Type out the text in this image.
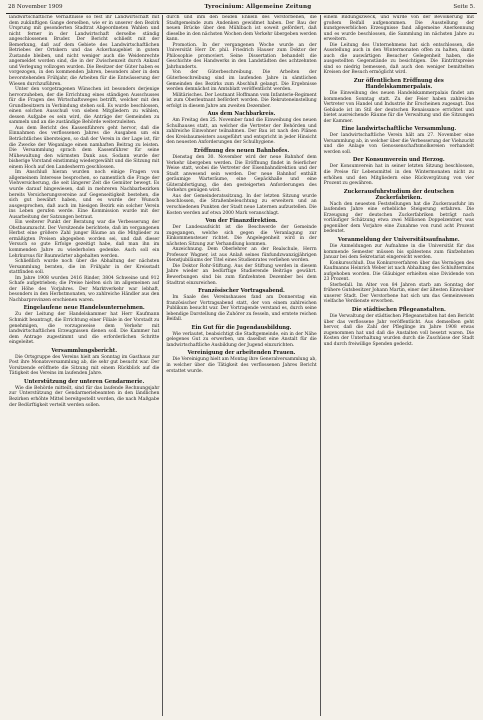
28 November 1909	Tyrocinium: Allgemeine Zeitung	Seite 5.

landwirtschaftliche Verhältnisse so fest ihr Landwirtschaft mit dem zukünftigen Gange derselben, wie er in unserer den Bezirk Ursprung mit gesonderten Stadtrat Abgeordneten Wahlen und nicht ferner in der Landwirtschaft derselbe ständig angeschlossenen Bruder. Der Bericht schließt mit der Bemerkung, daß auf dem Gebiete des Landwirtschaftlichen Betriebes der Ortskern und das Ackerbaugebiet in gutem Zustande bleiben, und nicht weniger auch die Weidenrechte angemeldet worden sind, die in der Zwischenzeit durch Ankauf und Verlegung vollzogen wurden. Die Besitzer der Güter haben es vorgezogen, in den kommenden Jahren, besonders aber in dem bevorstehenden Frühjahr, die Arbeiten für die Entwässerung der Wiesen durchzuführen.

Unter den vorgetragenen Wünschen ist besonders derjenige hervorzuheben, der die Errichtung eines ständigen Ausschusses für die Fragen des Wirtschaftsweges betrifft, welcher mit den Grundbesitzern in Verbindung stehen soll. Es wurde beschlossen, einen solchen Ausschuß von sieben Mitgliedern zu wählen, dessen Aufgabe es sein wird, die Anträge der Gemeinden zu sammeln und an die zuständige Behörde weiterzuleiten.

Aus dem Bericht des Kassenführers geht hervor, daß die Einnahmen des verflossenen Jahres die Ausgaben um ein Beträchtliches übersteigen, so daß der Verein in der Lage ist, für die Zwecke der Weganlage einen namhaften Beitrag zu leisten. Die Versammlung sprach dem Kassenführer für seine Mühewaltung den wärmsten Dank aus. Sodann wurde der bisherige Vorstand einstimmig wiedergewählt und die Sitzung mit einem Hoch auf den Landesherrn geschlossen.

Im Anschluß hieran wurden noch einige Fragen von allgemeinem Interesse besprochen, so namentlich die Frage der Viehversicherung, die seit längerer Zeit die Gemüter bewegt. Es wurde darauf hingewiesen, daß in mehreren Nachbarbezirken bereits Versicherungsvereine auf Gegenseitigkeit bestehen, die sich gut bewährt haben, und es wurde der Wunsch ausgesprochen, daß auch im hiesigen Bezirk ein solcher Verein ins Leben gerufen werde. Eine Kommission wurde mit der Ausarbeitung der Satzungen betraut.

Ein weiterer Punkt der Beratung war die Verbesserung der Obstbaumzucht. Der Vorsitzende berichtete, daß im vergangenen Herbst eine größere Zahl junger Bäume an die Mitglieder zu ermäßigten Preisen abgegeben worden sei, und daß dieser Versuch so gute Erfolge gezeitigt habe, daß man ihn im kommenden Jahre zu wiederholen gedenke. Auch soll ein Lehrkursus für Baumwärter abgehalten werden.

Schließlich wurde noch über die Abhaltung der nächsten Versammlung beraten, die im Frühjahr in der Kreisstadt stattfinden soll.

Im Jahre 1908 wurden 2416 Rinder, 3804 Schweine und 912 Schafe aufgetrieben; die Preise hielten sich im allgemeinen auf der Höhe des Vorjahres. Der Marktverkehr war lebhaft, besonders in den Herbstmonaten, wo zahlreiche Händler aus den Nachbarprovinzen erschienen waren.

Eingelaufene neue Handelsunternehmen.

Zu der Leitung der Handelskammer hat Herr Kaufmann Schmidt beantragt, die Errichtung einer Filiale in der Vorstadt zu genehmigen, die vorzugsweise dem Verkehr mit landwirtschaftlichen Erzeugnissen dienen soll. Die Kammer hat dem Antrage zugestimmt und die erforderlichen Schritte eingeleitet.

Versammlungsbericht.

Die Ortsgruppe des Vereins hielt am Sonntag im Gasthaus zur Post ihre Monatsversammlung ab, die sehr gut besucht war. Der Vorsitzende eröffnete die Sitzung mit einem Rückblick auf die Tätigkeit des Vereins im laufenden Jahre.

Unterstützung der unteren Gendarmerie.

Wie die Behörde mitteilt, sind für das laufende Rechnungsjahr zur Unterstützung der Gendarmeriebeamten in den ländlichen Bezirken erhöhte Mittel bereitgestellt worden, die nach Maßgabe der Bedürftigkeit verteilt werden sollen.

durch und ihm den beiden Enkeln des Verstorbenen, die Stadtgemeinde zum Andenken gewidmet haben. Der Bau der neuen Brücke über den Mühlbach ist soweit gefördert, daß dieselbe in den nächsten Wochen dem Verkehr übergeben werden kann.

Promotion. In der vergangenen Woche wurde an der Universität Herr Dr. phil. Friedrich Hauser zum Doktor der Philosophie promoviert. Seine Dissertation behandelt die Geschichte des Handwerks in den Landstädten des achtzehnten Jahrhunderts.

Von der Güterbeschreibung. Die Arbeiten der Güterbeschreibung sind im laufenden Jahre in sämtlichen Gemeinden des Bezirks zum Abschluß gelangt. Die Ergebnisse werden demnächst im Amtsblatt veröffentlicht werden.

Militärisches. Der Leutnant Hoffmann vom Infanterie-Regiment ist zum Oberleutnant befördert worden. Die Rekruteneinstellung erfolgt in diesem Jahre am zweiten Dezember.

Aus dem Nachbarkreis.

Am Freitag den 25. November fand die Einweihung des neuen Schulhauses statt, an welcher die Vertreter der Behörden und zahlreiche Einwohner teilnahmen. Der Bau ist nach den Plänen des Kreisbaumeisters ausgeführt und entspricht in jeder Hinsicht den neuesten Anforderungen der Schulhygiene.

Eröffnung des neuen Bahnhofes.

Dienstag den 30. November wird der neue Bahnhof dem Verkehr übergeben werden. Die Eröffnung findet in feierlicher Weise statt, wobei die Vertreter der Eisenbahndirektion und der Stadt anwesend sein werden. Der neue Bahnhof enthält geräumige Warteräume, eine Gepäckhalle und eine Güterabfertigung, die den gesteigerten Anforderungen des Verkehrs genügen wird.

Aus der Gemeinderatssitzung. In der letzten Sitzung wurde beschlossen, die Straßenbeleuchtung zu erweitern und an verschiedenen Punkten der Stadt neue Laternen aufzustellen. Die Kosten werden auf etwa 2000 Mark veranschlagt.

Von der Finanzdirektion.

Der Landesaufsicht ist die Beschwerde der Gemeinde zugegangen, welche sich gegen die Veranlagung zur Einkommensteuer richtet. Die Angelegenheit wird in der nächsten Sitzung zur Verhandlung kommen.

Anzeichnung. Dem Oberlehrer an der Realschule, Herrn Professor Wagner, ist aus Anlaß seines fünfundzwanzigjährigen Dienstjubiläums der Titel eines Studienrates verliehen worden.

Die Doktor Rohr-Stiftung. Aus der Stiftung werden in diesem Jahre wieder an bedürftige Studierende Beiträge gewährt. Bewerbungen sind bis zum fünfzehnten Dezember bei dem Stadtrat einzureichen.

Französischer Vortragsabend.

Im Saale des Vereinshauses fand am Donnerstag ein französischer Vortragsabend statt, der von einem zahlreichen Publikum besucht war. Der Vortragende verstand es, durch seine lebendige Darstellung die Zuhörer zu fesseln, und erntete reichen Beifall.

Ein Gut für die Jugendausbildung.

Wie verlautet, beabsichtigt die Stadtgemeinde, ein in der Nähe gelegenes Gut zu erwerben, um daselbst eine Anstalt für die landwirtschaftliche Ausbildung der Jugend einzurichten.

Vereinigung der arbeitenden Frauen.

Die Vereinigung hielt am Montag ihre Generalversammlung ab, in welcher über die Tätigkeit des verflossenen Jahres Bericht erstattet wurde.

einem Bildungszweck, und wurde von der Bevölkerung mit großem Beifall aufgenommen. Die Ausstellung der kunstgewerblichen Erzeugnisse fand allgemeine Anerkennung und es wurde beschlossen, die Sammlung im nächsten Jahre zu erweitern.

Die Leitung des Unternehmens hat sich entschlossen, die Ausstellung auch in den Wintermonaten offen zu halten, damit auch die auswärtigen Besucher Gelegenheit haben, die ausgestellten Gegenstände zu besichtigen. Die Eintrittspreise sind so niedrig bemessen, daß auch den weniger bemittelten Kreisen der Besuch ermöglicht wird.

Zur öffentlichen Eröffnung des Handelskammerpalais.

Die Einweihung des neuen Handelskammerpalais findet am kommenden Sonntag statt. Zu der Feier haben zahlreiche Vertreter von Handel und Industrie ihr Erscheinen zugesagt. Das Gebäude ist im Stil der deutschen Renaissance errichtet und bietet ausreichende Räume für die Verwaltung und die Sitzungen der Kammer.

Eine landwirtschaftliche Versammlung.

Der landwirtschaftliche Verein hält am 27. November eine Versammlung ab, in welcher über die Verbesserung der Viehzucht und die Anlage von Genossenschaftsmolkereien verhandelt werden soll.

Der Konsumverein und Herzog.

Der Konsumverein hat in seiner letzten Sitzung beschlossen, die Preise für Lebensmittel in den Wintermonaten nicht zu erhöhen und den Mitgliedern eine Rückvergütung von vier Prozent zu gewähren.

Zuckerausfuhrstudium der deutschen Zuckerfabriken.

Nach den neuesten Feststellungen hat die Zuckerausfuhr im laufenden Jahre eine erhebliche Steigerung erfahren. Die Erzeugung der deutschen Zuckerfabriken beträgt nach vorläufiger Schätzung etwa zwei Millionen Doppelzentner, was gegenüber dem Vorjahre eine Zunahme von rund acht Prozent bedeutet.

Voranmeldung der Universitätsaufnahme.

Die Anmeldungen zur Aufnahme in die Universität für das kommende Semester müssen bis spätestens zum fünfzehnten Januar bei dem Sekretariat eingereicht werden.

Konkursschluß. Das Konkursverfahren über das Vermögen des Kaufmanns Heinrich Weber ist nach Abhaltung des Schlußtermins aufgehoben worden. Die Gläubiger erhielten eine Dividende von 23 Prozent.

Sterbefall. Im Alter von 84 Jahren starb am Sonntag der frühere Gutsbesitzer Johann Martin, einer der ältesten Einwohner unserer Stadt. Der Verstorbene hat sich um das Gemeinwesen vielfache Verdienste erworben.

Die städtischen Pflegeanstalten.

Die Verwaltung der städtischen Pflegeanstalten hat den Bericht über das verflossene Jahr veröffentlicht. Aus demselben geht hervor, daß die Zahl der Pfleglinge im Jahre 1908 etwas zugenommen hat und daß die Anstalten voll besetzt waren. Die Kosten der Unterhaltung wurden durch die Zuschüsse der Stadt und durch freiwillige Spenden gedeckt.
